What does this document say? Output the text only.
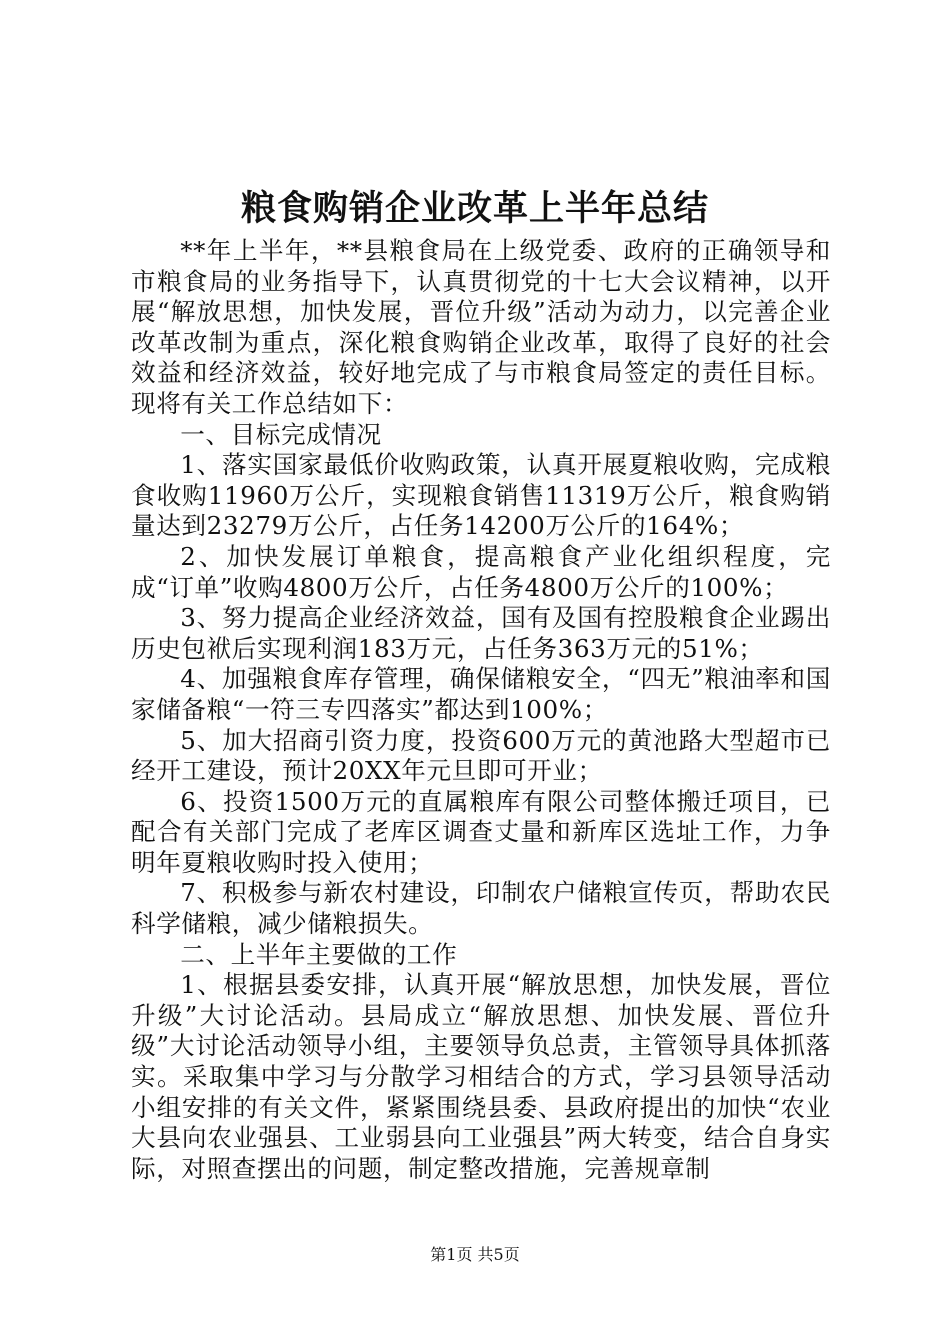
粮食购销企业改革上半年总结

**年上半年，**县粮食局在上级党委、政府的正确领导和市粮食局的业务指导下，认真贯彻党的十七大会议精神，以开展“解放思想，加快发展，晋位升级”活动为动力，以完善企业改革改制为重点，深化粮食购销企业改革，取得了良好的社会效益和经济效益，较好地完成了与市粮食局签定的责任目标。现将有关工作总结如下：

一、目标完成情况

1、落实国家最低价收购政策，认真开展夏粮收购，完成粮食收购11960万公斤，实现粮食销售11319万公斤，粮食购销量达到23279万公斤，占任务14200万公斤的164%；

2、加快发展订单粮食，提高粮食产业化组织程度，完成“订单”收购4800万公斤，占任务4800万公斤的100%；

3、努力提高企业经济效益，国有及国有控股粮食企业踢出历史包袱后实现利润183万元，占任务363万元的51%；

4、加强粮食库存管理，确保储粮安全，“四无”粮油率和国家储备粮“一符三专四落实”都达到100%；

5、加大招商引资力度，投资600万元的黄池路大型超市已经开工建设，预计20XX年元旦即可开业；

6、投资1500万元的直属粮库有限公司整体搬迁项目，已配合有关部门完成了老库区调查丈量和新库区选址工作，力争明年夏粮收购时投入使用；

7、积极参与新农村建设，印制农户储粮宣传页，帮助农民科学储粮，减少储粮损失。

二、上半年主要做的工作

1、根据县委安排，认真开展“解放思想，加快发展，晋位升级”大讨论活动。县局成立“解放思想、加快发展、晋位升级”大讨论活动领导小组，主要领导负总责，主管领导具体抓落实。采取集中学习与分散学习相结合的方式，学习县领导活动小组安排的有关文件，紧紧围绕县委、县政府提出的加快“农业大县向农业强县、工业弱县向工业强县”两大转变，结合自身实际，对照查摆出的问题，制定整改措施，完善规章制

第1页 共5页
